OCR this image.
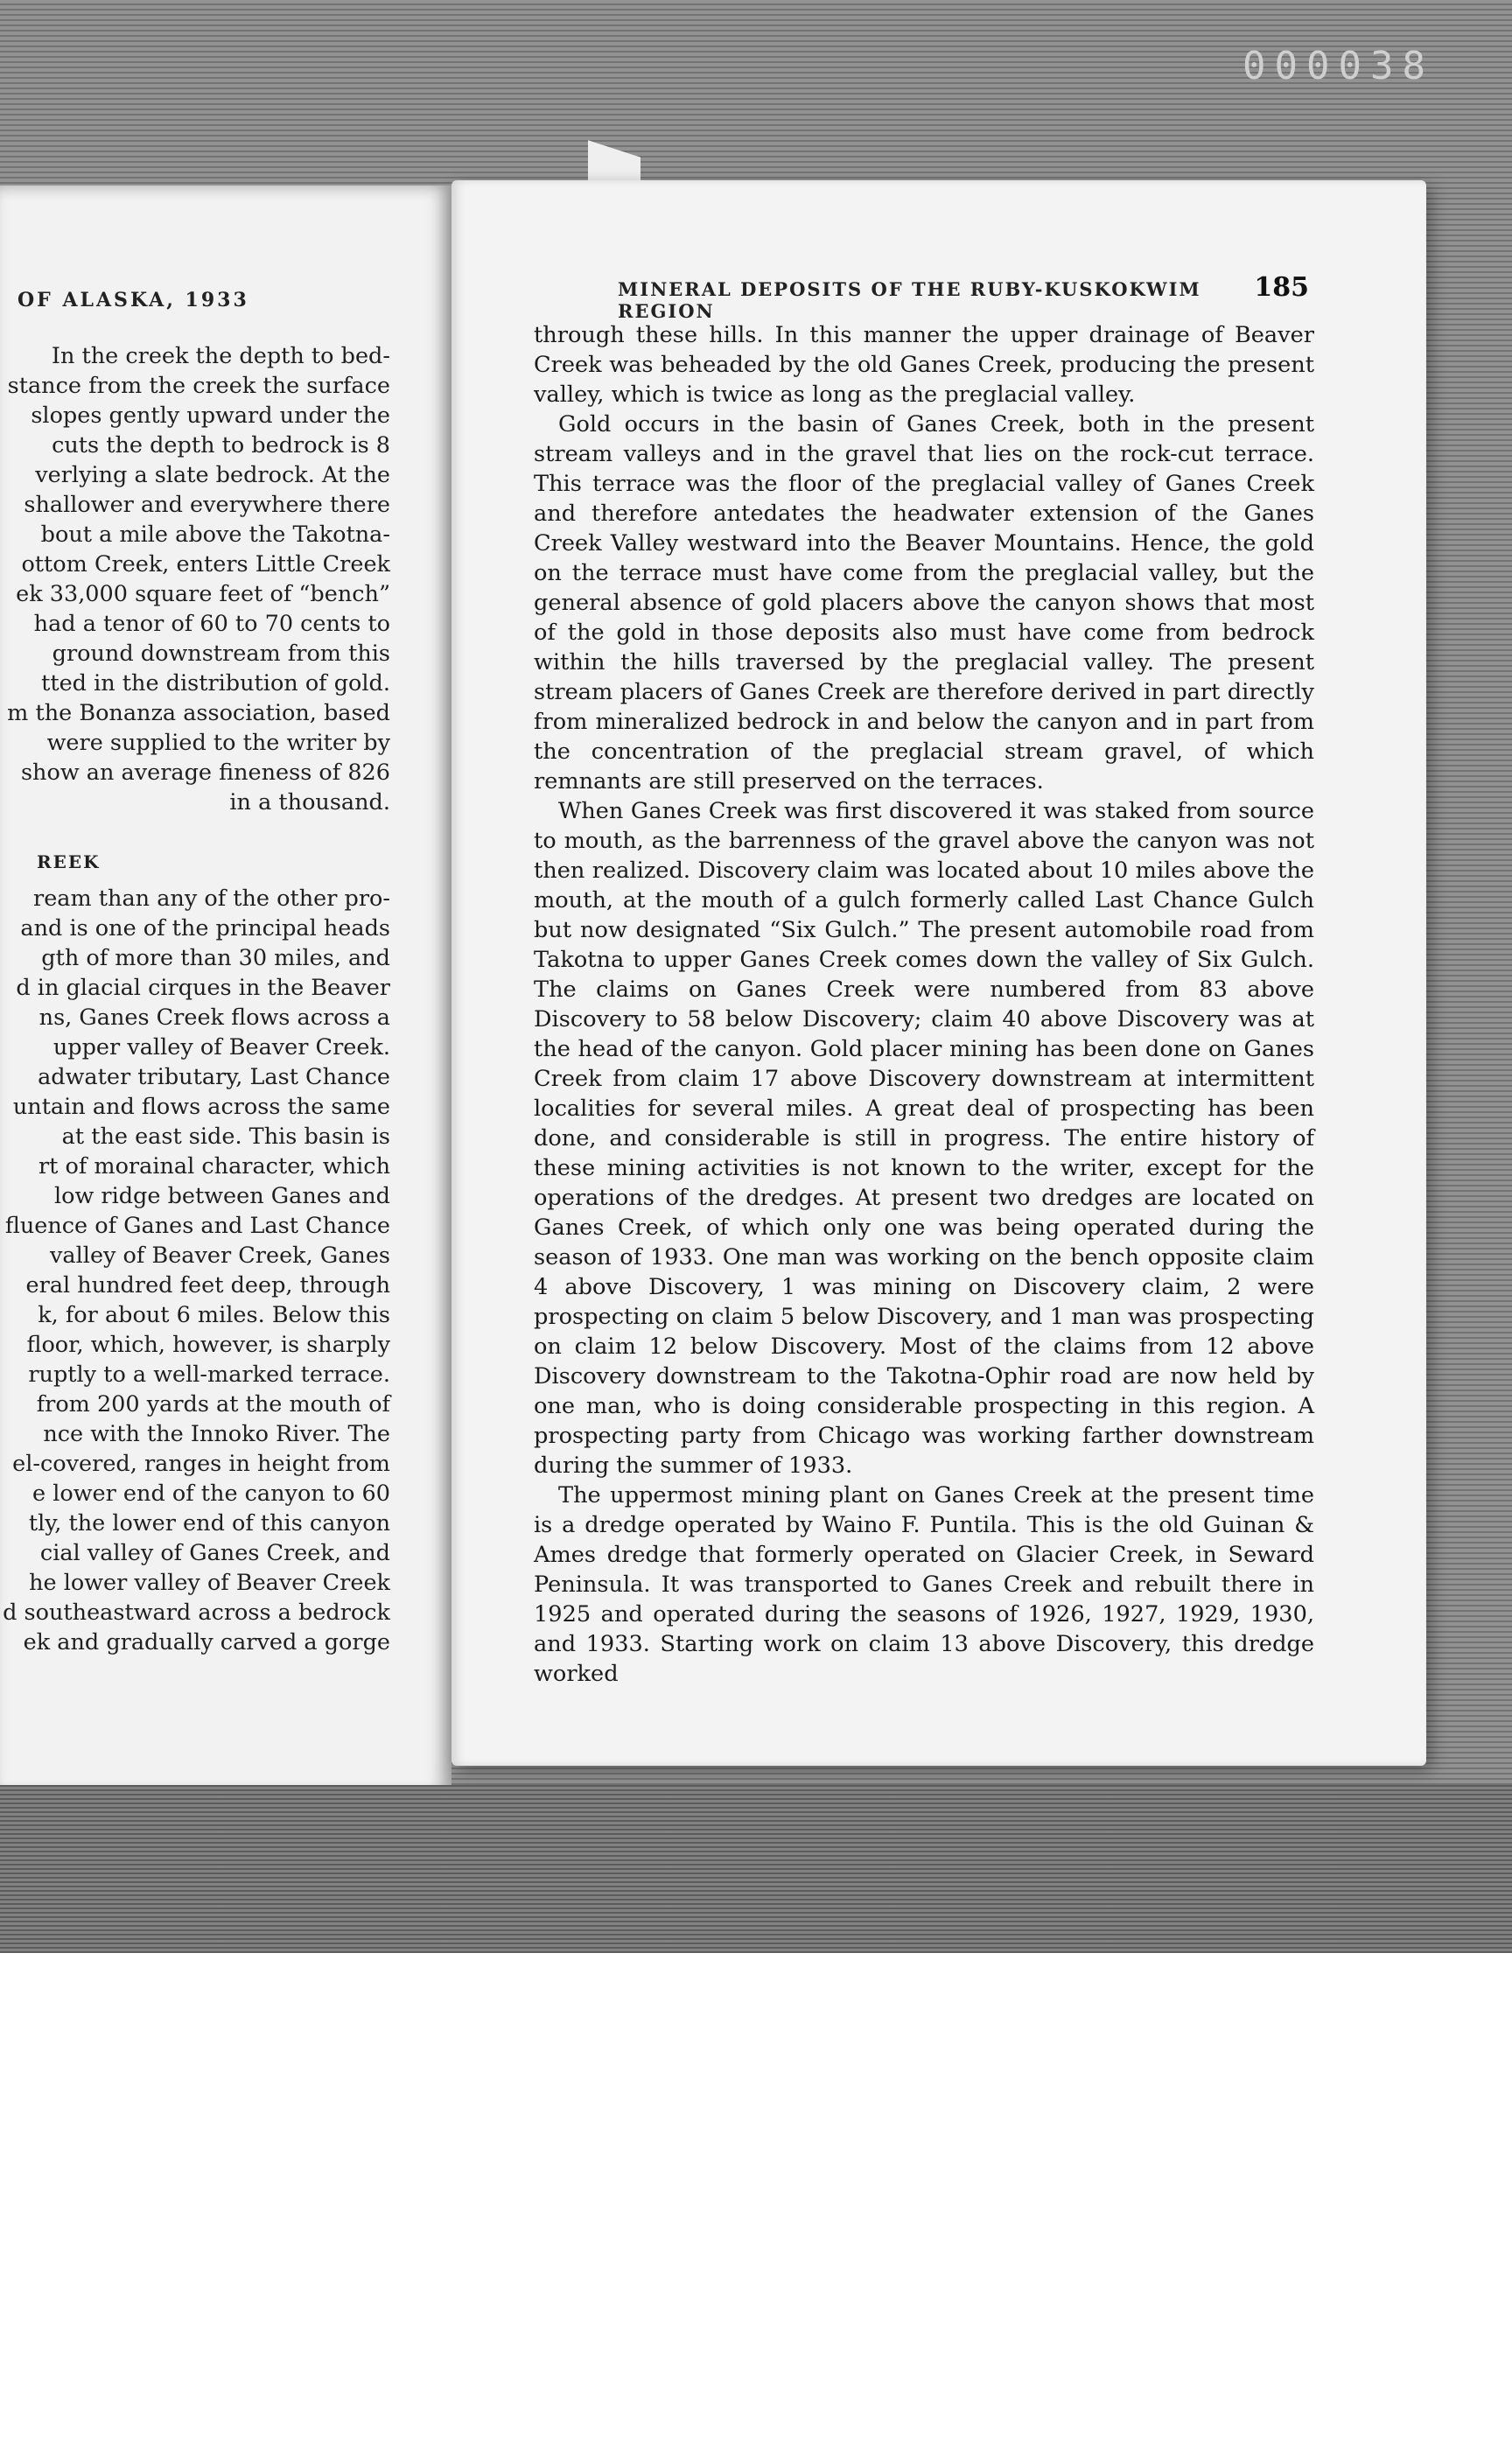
000038
OF ALASKA, 1933
In the creek the depth to bed-
stance from the creek the surface
slopes gently upward under the
cuts the depth to bedrock is 8
verlying a slate bedrock. At the
shallower and everywhere there
bout a mile above the Takotna-
ottom Creek, enters Little Creek
ek 33,000 square feet of “bench”
had a tenor of 60 to 70 cents to
ground downstream from this
tted in the distribution of gold.
m the Bonanza association, based
were supplied to the writer by
show an average fineness of 826
in a thousand.
REEK
ream than any of the other pro-
and is one of the principal heads
gth of more than 30 miles, and
d in glacial cirques in the Beaver
ns, Ganes Creek flows across a
upper valley of Beaver Creek.
adwater tributary, Last Chance
untain and flows across the same
at the east side. This basin is
rt of morainal character, which
low ridge between Ganes and
fluence of Ganes and Last Chance
valley of Beaver Creek, Ganes
eral hundred feet deep, through
k, for about 6 miles. Below this
floor, which, however, is sharply
ruptly to a well-marked terrace.
from 200 yards at the mouth of
nce with the Innoko River. The
el-covered, ranges in height from
e lower end of the canyon to 60
tly, the lower end of this canyon
cial valley of Ganes Creek, and
he lower valley of Beaver Creek
d southeastward across a bedrock
ek and gradually carved a gorge
MINERAL DEPOSITS OF THE RUBY-KUSKOKWIM REGION
185

through these hills. In this manner the upper drainage of Beaver Creek was beheaded by the old Ganes Creek, producing the present valley, which is twice as long as the preglacial valley.

Gold occurs in the basin of Ganes Creek, both in the present stream valleys and in the gravel that lies on the rock-cut terrace. This terrace was the floor of the preglacial valley of Ganes Creek and therefore antedates the headwater extension of the Ganes Creek Valley westward into the Beaver Mountains. Hence, the gold on the terrace must have come from the preglacial valley, but the general absence of gold placers above the canyon shows that most of the gold in those deposits also must have come from bedrock within the hills traversed by the preglacial valley. The present stream placers of Ganes Creek are therefore derived in part directly from mineralized bedrock in and below the canyon and in part from the concentration of the preglacial stream gravel, of which remnants are still preserved on the terraces.

When Ganes Creek was first discovered it was staked from source to mouth, as the barrenness of the gravel above the canyon was not then realized. Discovery claim was located about 10 miles above the mouth, at the mouth of a gulch formerly called Last Chance Gulch but now designated “Six Gulch.” The present automobile road from Takotna to upper Ganes Creek comes down the valley of Six Gulch. The claims on Ganes Creek were numbered from 83 above Discovery to 58 below Discovery; claim 40 above Discovery was at the head of the canyon. Gold placer mining has been done on Ganes Creek from claim 17 above Discovery downstream at intermittent localities for several miles. A great deal of prospecting has been done, and considerable is still in progress. The entire history of these mining activities is not known to the writer, except for the operations of the dredges. At present two dredges are located on Ganes Creek, of which only one was being operated during the season of 1933. One man was working on the bench opposite claim 4 above Discovery, 1 was mining on Discovery claim, 2 were prospecting on claim 5 below Discovery, and 1 man was prospecting on claim 12 below Discovery. Most of the claims from 12 above Discovery downstream to the Takotna-Ophir road are now held by one man, who is doing considerable prospecting in this region. A prospecting party from Chicago was working farther downstream during the summer of 1933.

The uppermost mining plant on Ganes Creek at the present time is a dredge operated by Waino F. Puntila. This is the old Guinan & Ames dredge that formerly operated on Glacier Creek, in Seward Peninsula. It was transported to Ganes Creek and rebuilt there in 1925 and operated during the seasons of 1926, 1927, 1929, 1930, and 1933. Starting work on claim 13 above Discovery, this dredge worked
